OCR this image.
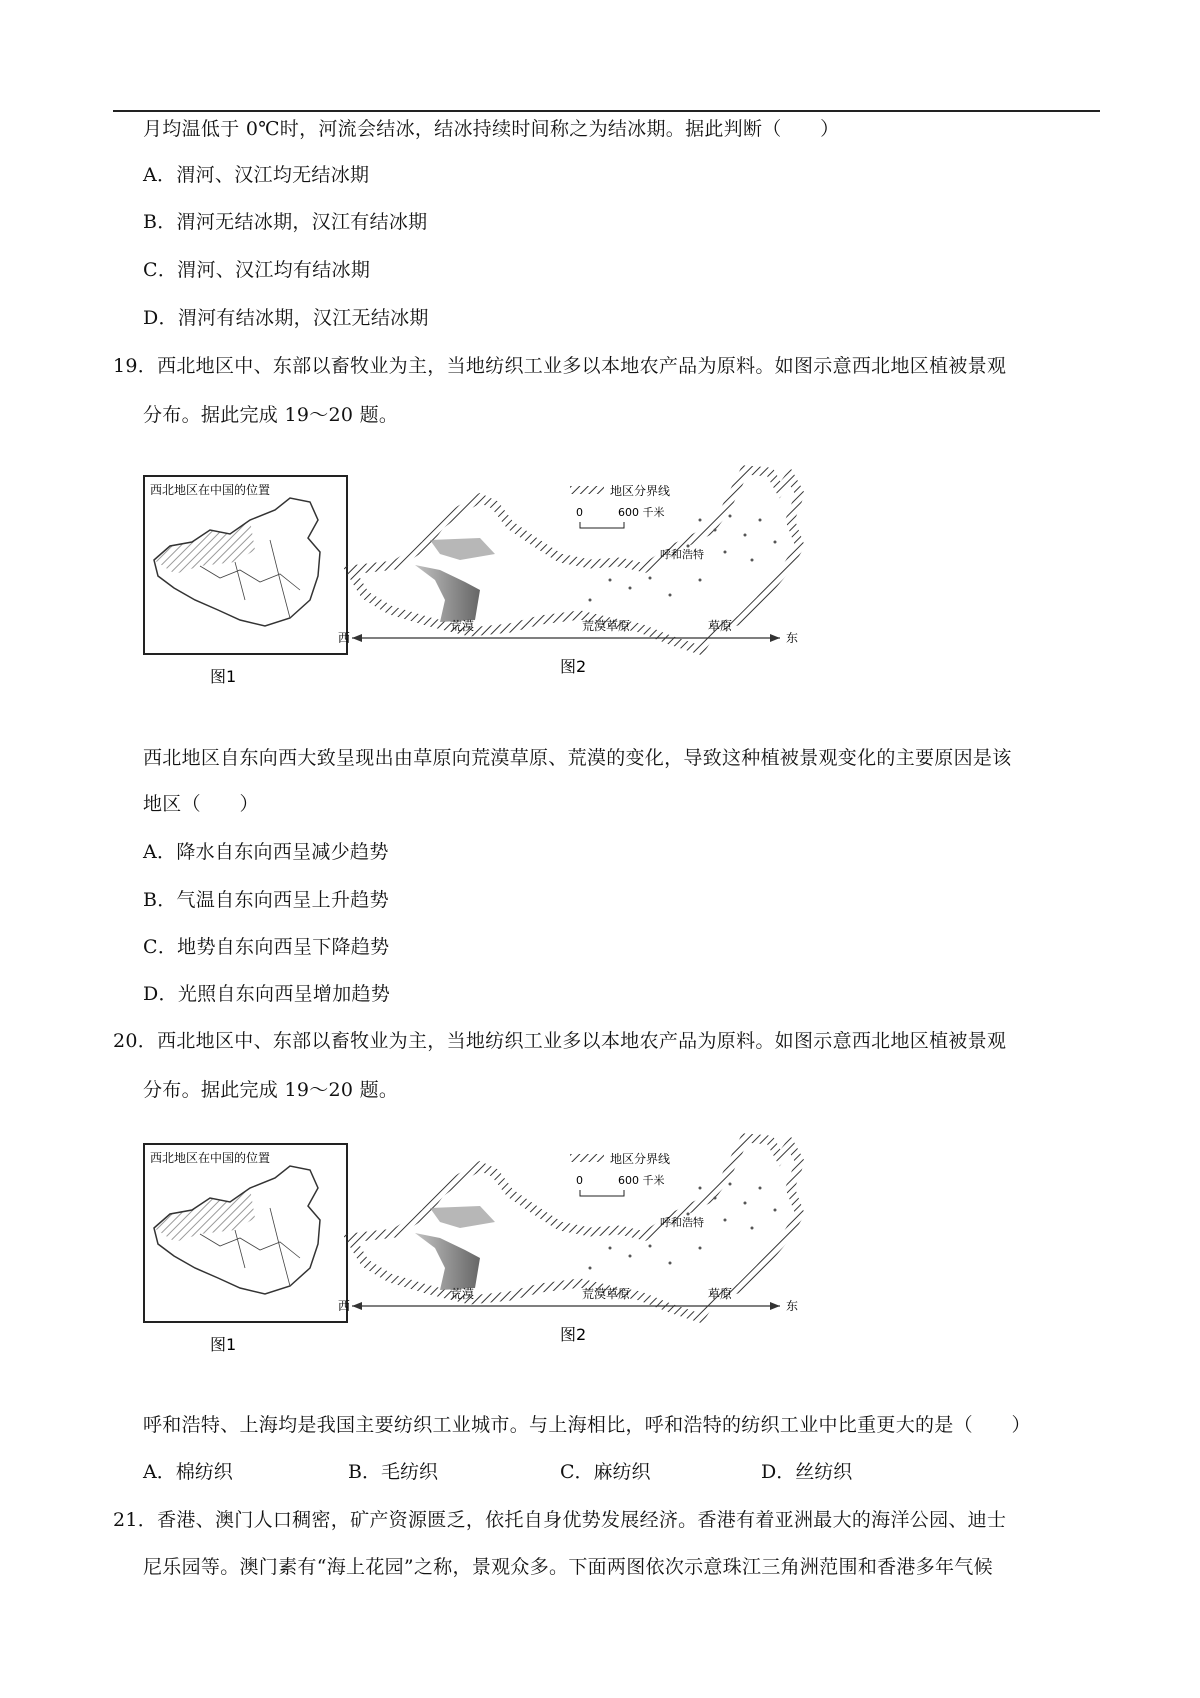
月均温低于 0℃时，河流会结冰，结冰持续时间称之为结冰期。据此判断（　　）
A．渭河、汉江均无结冰期
B．渭河无结冰期，汉江有结冰期
C．渭河、汉江均有结冰期
D．渭河有结冰期，汉江无结冰期
19．西北地区中、东部以畜牧业为主，当地纺织工业多以本地农产品为原料。如图示意西北地区植被景观
分布。据此完成 19～20 题。
西北地区在中国的位置
图1
地区分界线
0	600 千米
呼和浩特
西	东
荒漠	荒漠草原	草原
图2
西北地区自东向西大致呈现出由草原向荒漠草原、荒漠的变化，导致这种植被景观变化的主要原因是该
地区（　　）
A．降水自东向西呈减少趋势
B．气温自东向西呈上升趋势
C．地势自东向西呈下降趋势
D．光照自东向西呈增加趋势
20．西北地区中、东部以畜牧业为主，当地纺织工业多以本地农产品为原料。如图示意西北地区植被景观
分布。据此完成 19～20 题。
西北地区在中国的位置
图1
地区分界线
0	600 千米
呼和浩特
西	东
荒漠	荒漠草原	草原
图2
呼和浩特、上海均是我国主要纺织工业城市。与上海相比，呼和浩特的纺织工业中比重更大的是（　　）
A．棉纺织	B．毛纺织	C．麻纺织	D．丝纺织
21．香港、澳门人口稠密，矿产资源匮乏，依托自身优势发展经济。香港有着亚洲最大的海洋公园、迪士
尼乐园等。澳门素有“海上花园”之称，景观众多。下面两图依次示意珠江三角洲范围和香港多年气候
